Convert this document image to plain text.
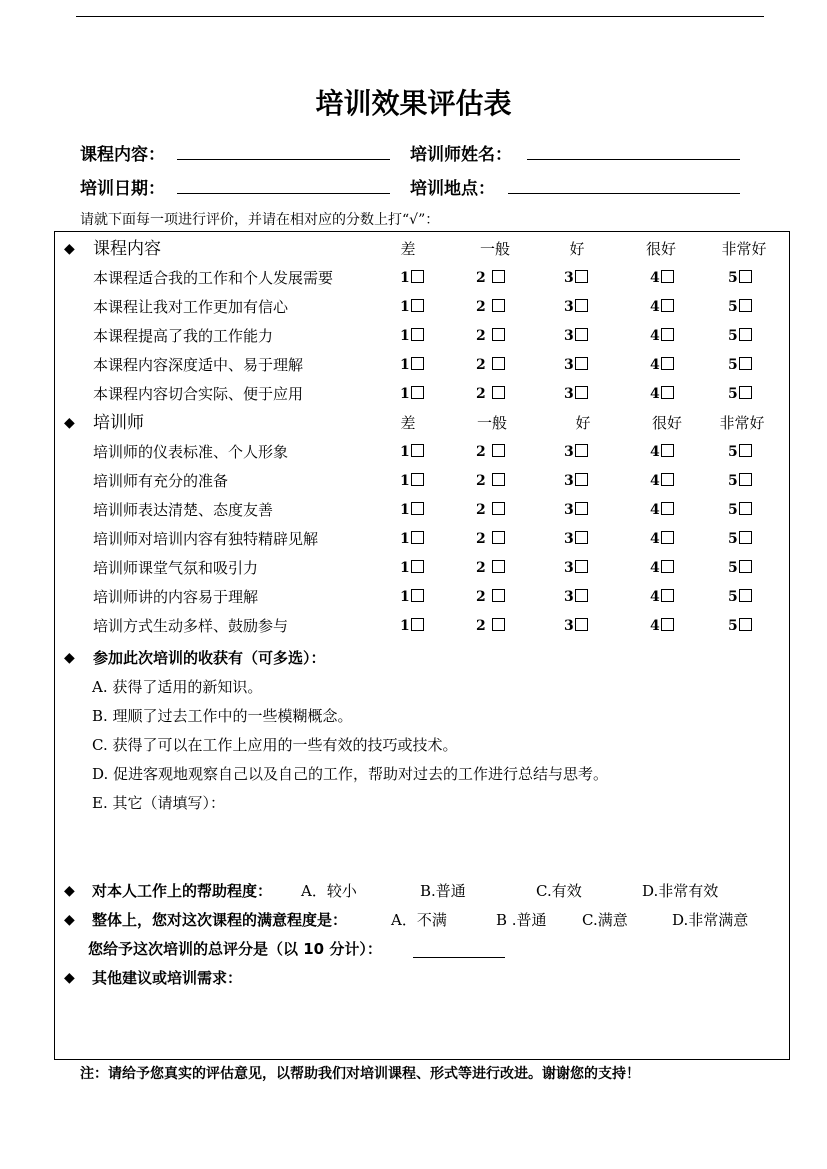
培训效果评估表
课程内容：	培训师姓名：
培训日期：	培训地点：
请就下面每一项进行评价，并请在相对应的分数上打“√”：
◆ 课程内容	差	一般	好	很好	非常好
本课程适合我的工作和个人发展需要	1	2	3	4	5
本课程让我对工作更加有信心	1	2	3	4	5
本课程提高了我的工作能力	1	2	3	4	5
本课程内容深度适中、易于理解	1	2	3	4	5
本课程内容切合实际、便于应用	1	2	3	4	5
◆ 培训师	差	一般	好	很好	非常好
培训师的仪表标准、个人形象	1	2	3	4	5
培训师有充分的准备	1	2	3	4	5
培训师表达清楚、态度友善	1	2	3	4	5
培训师对培训内容有独特精辟见解	1	2	3	4	5
培训师课堂气氛和吸引力	1	2	3	4	5
培训师讲的内容易于理解	1	2	3	4	5
培训方式生动多样、鼓励参与	1	2	3	4	5
◆ 参加此次培训的收获有（可多选）：
A. 获得了适用的新知识。
B. 理顺了过去工作中的一些模糊概念。
C. 获得了可以在工作上应用的一些有效的技巧或技术。
D. 促进客观地观察自己以及自己的工作，帮助对过去的工作进行总结与思考。
E. 其它（请填写）：
◆ 对本人工作上的帮助程度： A．较小	B.普通	C.有效	D.非常有效
◆ 整体上，您对这次课程的满意程度是：	A．不满	B .普通 C.满意	D.非常满意
您给予这次培训的总评分是（以 10 分计）：
◆ 其他建议或培训需求：
注：请给予您真实的评估意见，以帮助我们对培训课程、形式等进行改进。谢谢您的支持！
